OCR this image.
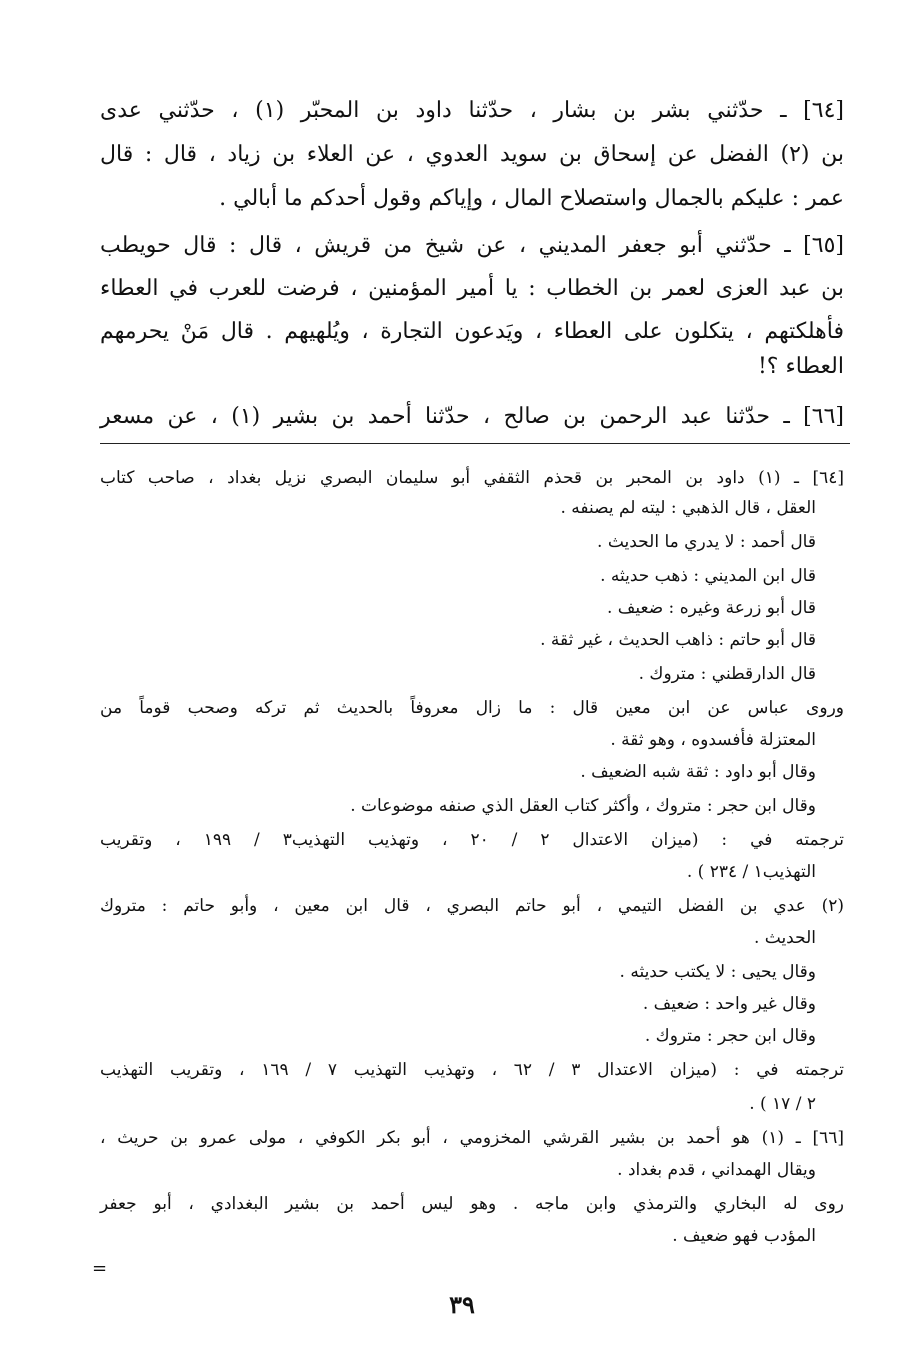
[٦٤] ـ حدّثني بشر بن بشار ، حدّثنا داود بن المحبّر (١) ، حدّثني عدى
بن (٢) الفضل عن إسحاق بن سويد العدوي ، عن العلاء بن زياد ، قال : قال
عمر : عليكم بالجمال واستصلاح المال ، وإياكم وقول أحدكم ما أبالي .
[٦٥] ـ حدّثني أبو جعفر المديني ، عن شيخ من قريش ، قال : قال حويطب
بن عبد العزى لعمر بن الخطاب : يا أمير المؤمنين ، فرضت للعرب في العطاء
فأهلكتهم ، يتكلون على العطاء ، ويَدعون التجارة ، ويُلهيهم . قال مَنْ يحرمهم
العطاء ؟!
[٦٦] ـ حدّثنا عبد الرحمن بن صالح ، حدّثنا أحمد بن بشير (١) ، عن مسعر
[٦٤] ـ (١) داود بن المحبر بن قحذم الثقفي أبو سليمان البصري نزيل بغداد ، صاحب كتاب
العقل ، قال الذهبي : ليته لم يصنفه .
قال أحمد : لا يدري ما الحديث .
قال ابن المديني : ذهب حديثه .
قال أبو زرعة وغيره : ضعيف .
قال أبو حاتم : ذاهب الحديث ، غير ثقة .
قال الدارقطني : متروك .
وروى عباس عن ابن معين قال : ما زال معروفاً بالحديث ثم تركه وصحب قوماً من
المعتزلة فأفسدوه ، وهو ثقة .
وقال أبو داود : ثقة شبه الضعيف .
وقال ابن حجر : متروك ، وأكثر كتاب العقل الذي صنفه موضوعات .
ترجمته في : (ميزان الاعتدال ٢ / ٢٠ ، وتهذيب التهذيب٣ / ١٩٩ ، وتقريب
التهذيب١ / ٢٣٤ ) .
(٢) عدي بن الفضل التيمي ، أبو حاتم البصري ، قال ابن معين ، وأبو حاتم : متروك
الحديث .
وقال يحيى : لا يكتب حديثه .
وقال غير واحد : ضعيف .
وقال ابن حجر : متروك .
ترجمته في : (ميزان الاعتدال ٣ / ٦٢ ، وتهذيب التهذيب ٧ / ١٦٩ ، وتقريب التهذيب
٢ / ١٧ ) .
[٦٦] ـ (١) هو أحمد بن بشير القرشي المخزومي ، أبو بكر الكوفي ، مولى عمرو بن حريث ،
ويقال الهمداني ، قدم بغداد .
روى له البخاري والترمذي وابن ماجه . وهو ليس أحمد بن بشير البغدادي ، أبو جعفر
المؤدب فهو ضعيف .
=
٣٩
